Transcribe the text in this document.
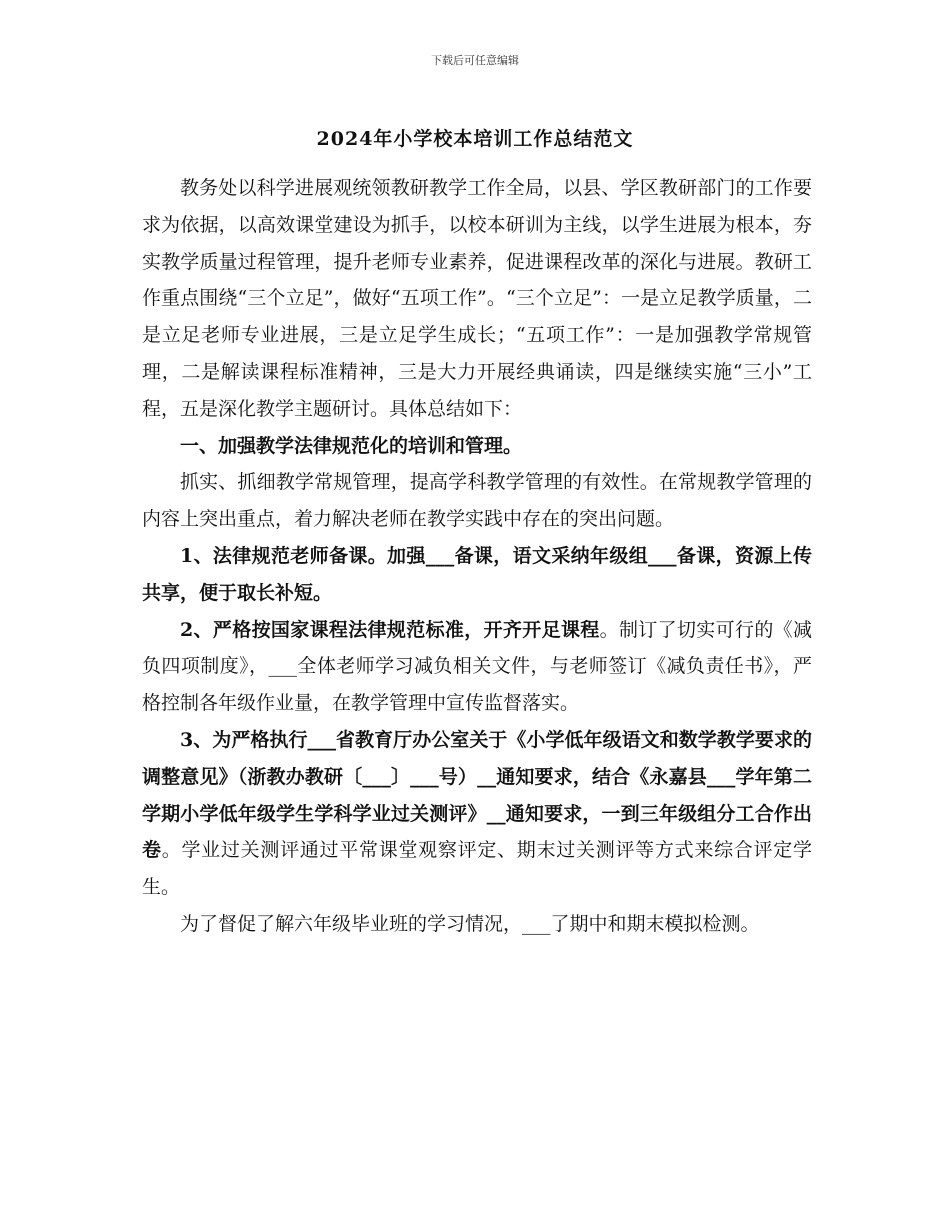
下载后可任意编辑
2024年小学校本培训工作总结范文

教务处以科学进展观统领教研教学工作全局，以县、学区教研部门的工作要求为依据，以高效课堂建设为抓手，以校本研训为主线，以学生进展为根本，夯实教学质量过程管理，提升老师专业素养，促进课程改革的深化与进展。教研工作重点围绕“三个立足”，做好“五项工作”。“三个立足”：一是立足教学质量，二是立足老师专业进展，三是立足学生成长；“五项工作”：一是加强教学常规管理，二是解读课程标准精神，三是大力开展经典诵读，四是继续实施“三小”工程，五是深化教学主题研讨。具体总结如下：

一、加强教学法律规范化的培训和管理。

抓实、抓细教学常规管理，提高学科教学管理的有效性。在常规教学管理的内容上突出重点，着力解决老师在教学实践中存在的突出问题。

1、法律规范老师备课。加强___备课，语文采纳年级组___备课，资源上传共享，便于取长补短。

2、严格按国家课程法律规范标准，开齐开足课程。制订了切实可行的《减负四项制度》，___全体老师学习减负相关文件，与老师签订《减负责任书》，严格控制各年级作业量，在教学管理中宣传监督落实。

3、为严格执行___省教育厅办公室关于《小学低年级语文和数学教学要求的调整意见》（浙教办教研〔___〕___号）__通知要求，结合《永嘉县___学年第二学期小学低年级学生学科学业过关测评》__通知要求，一到三年级组分工合作出卷。学业过关测评通过平常课堂观察评定、期末过关测评等方式来综合评定学生。

为了督促了解六年级毕业班的学习情况，___了期中和期末模拟检测。
